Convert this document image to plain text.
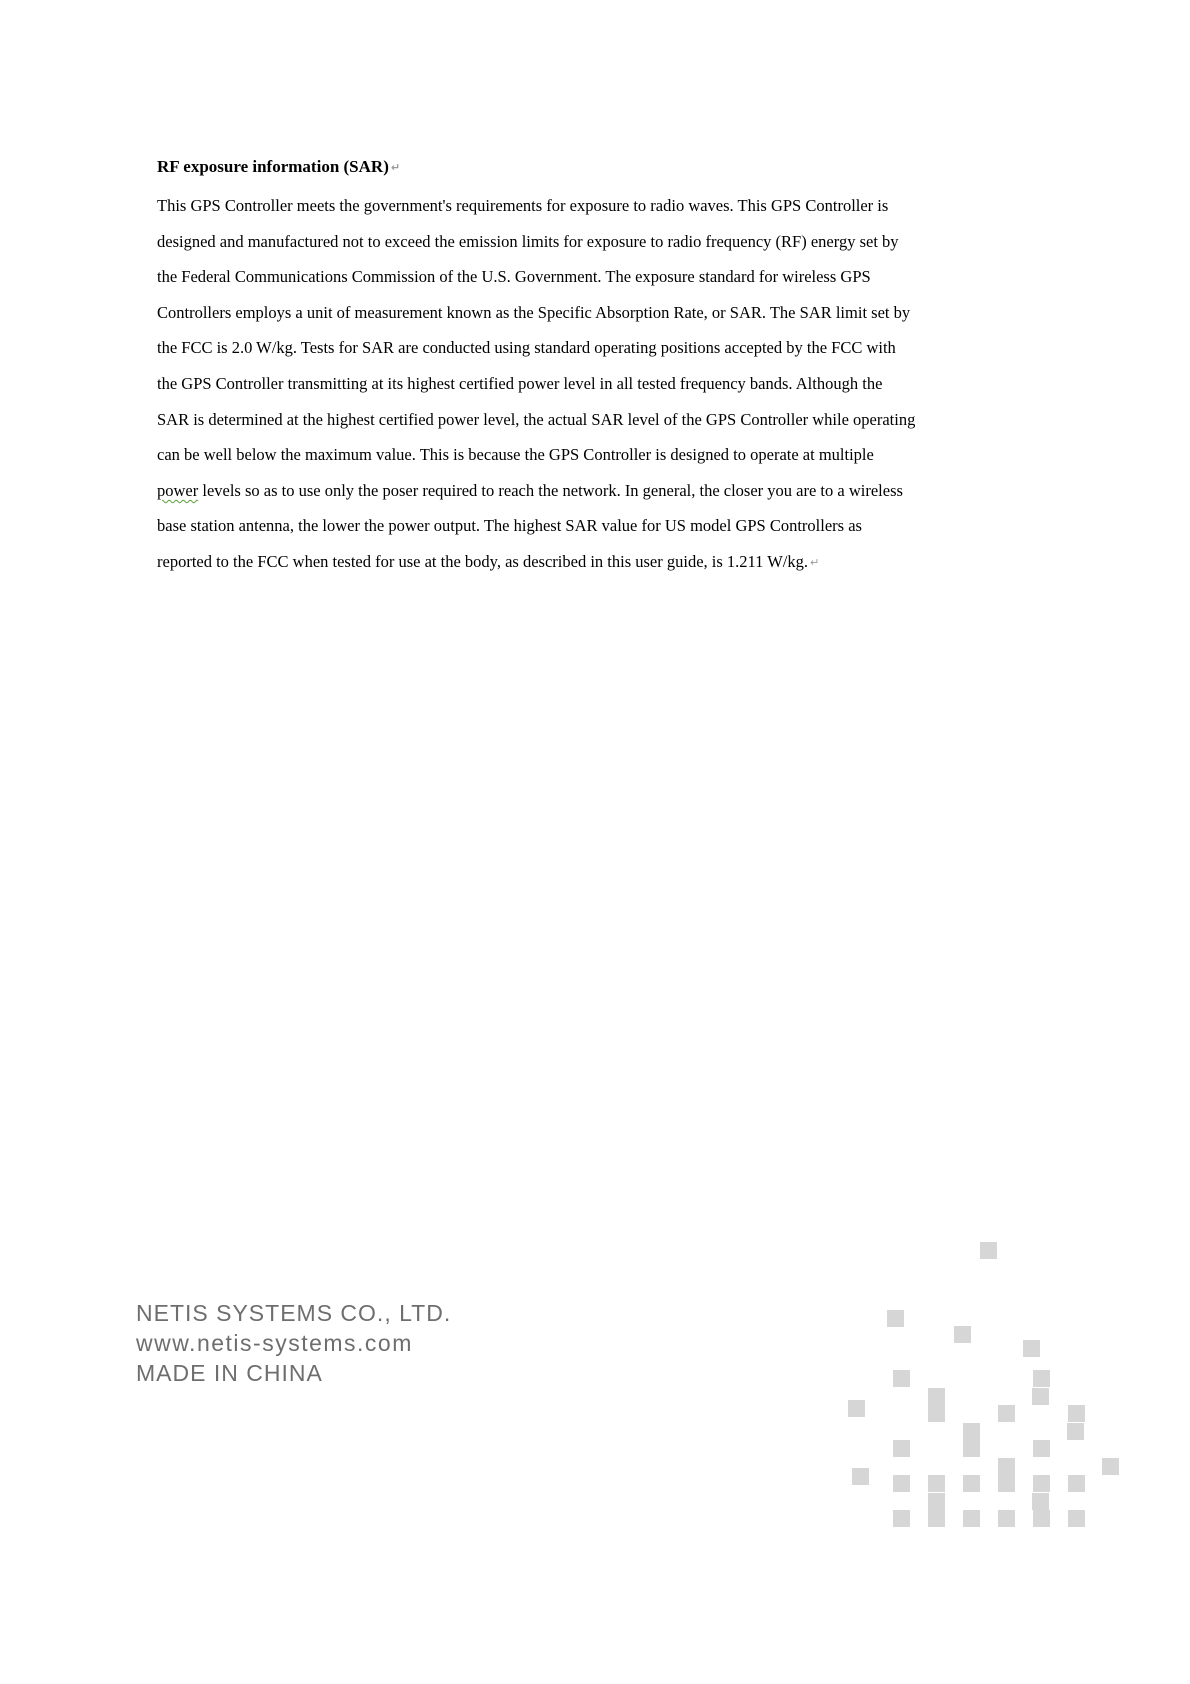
RF exposure information (SAR) ↵
This GPS Controller meets the government's requirements for exposure to radio waves. This GPS Controller is
designed and manufactured not to exceed the emission limits for exposure to radio frequency (RF) energy set by
the Federal Communications Commission of the U.S. Government. The exposure standard for wireless GPS
Controllers employs a unit of measurement known as the Specific Absorption Rate, or SAR. The SAR limit set by
the FCC is 2.0 W/kg. Tests for SAR are conducted using standard operating positions accepted by the FCC with
the GPS Controller transmitting at its highest certified power level in all tested frequency bands. Although the
SAR is determined at the highest certified power level, the actual SAR level of the GPS Controller while operating
can be well below the maximum value. This is because the GPS Controller is designed to operate at multiple
power levels so as to use only the poser required to reach the network. In general, the closer you are to a wireless
base station antenna, the lower the power output. The highest SAR value for US model GPS Controllers as
reported to the FCC when tested for use at the body, as described in this user guide, is 1.211 W/kg. ↵
NETIS SYSTEMS CO., LTD.
www.netis-systems.com
MADE IN CHINA
